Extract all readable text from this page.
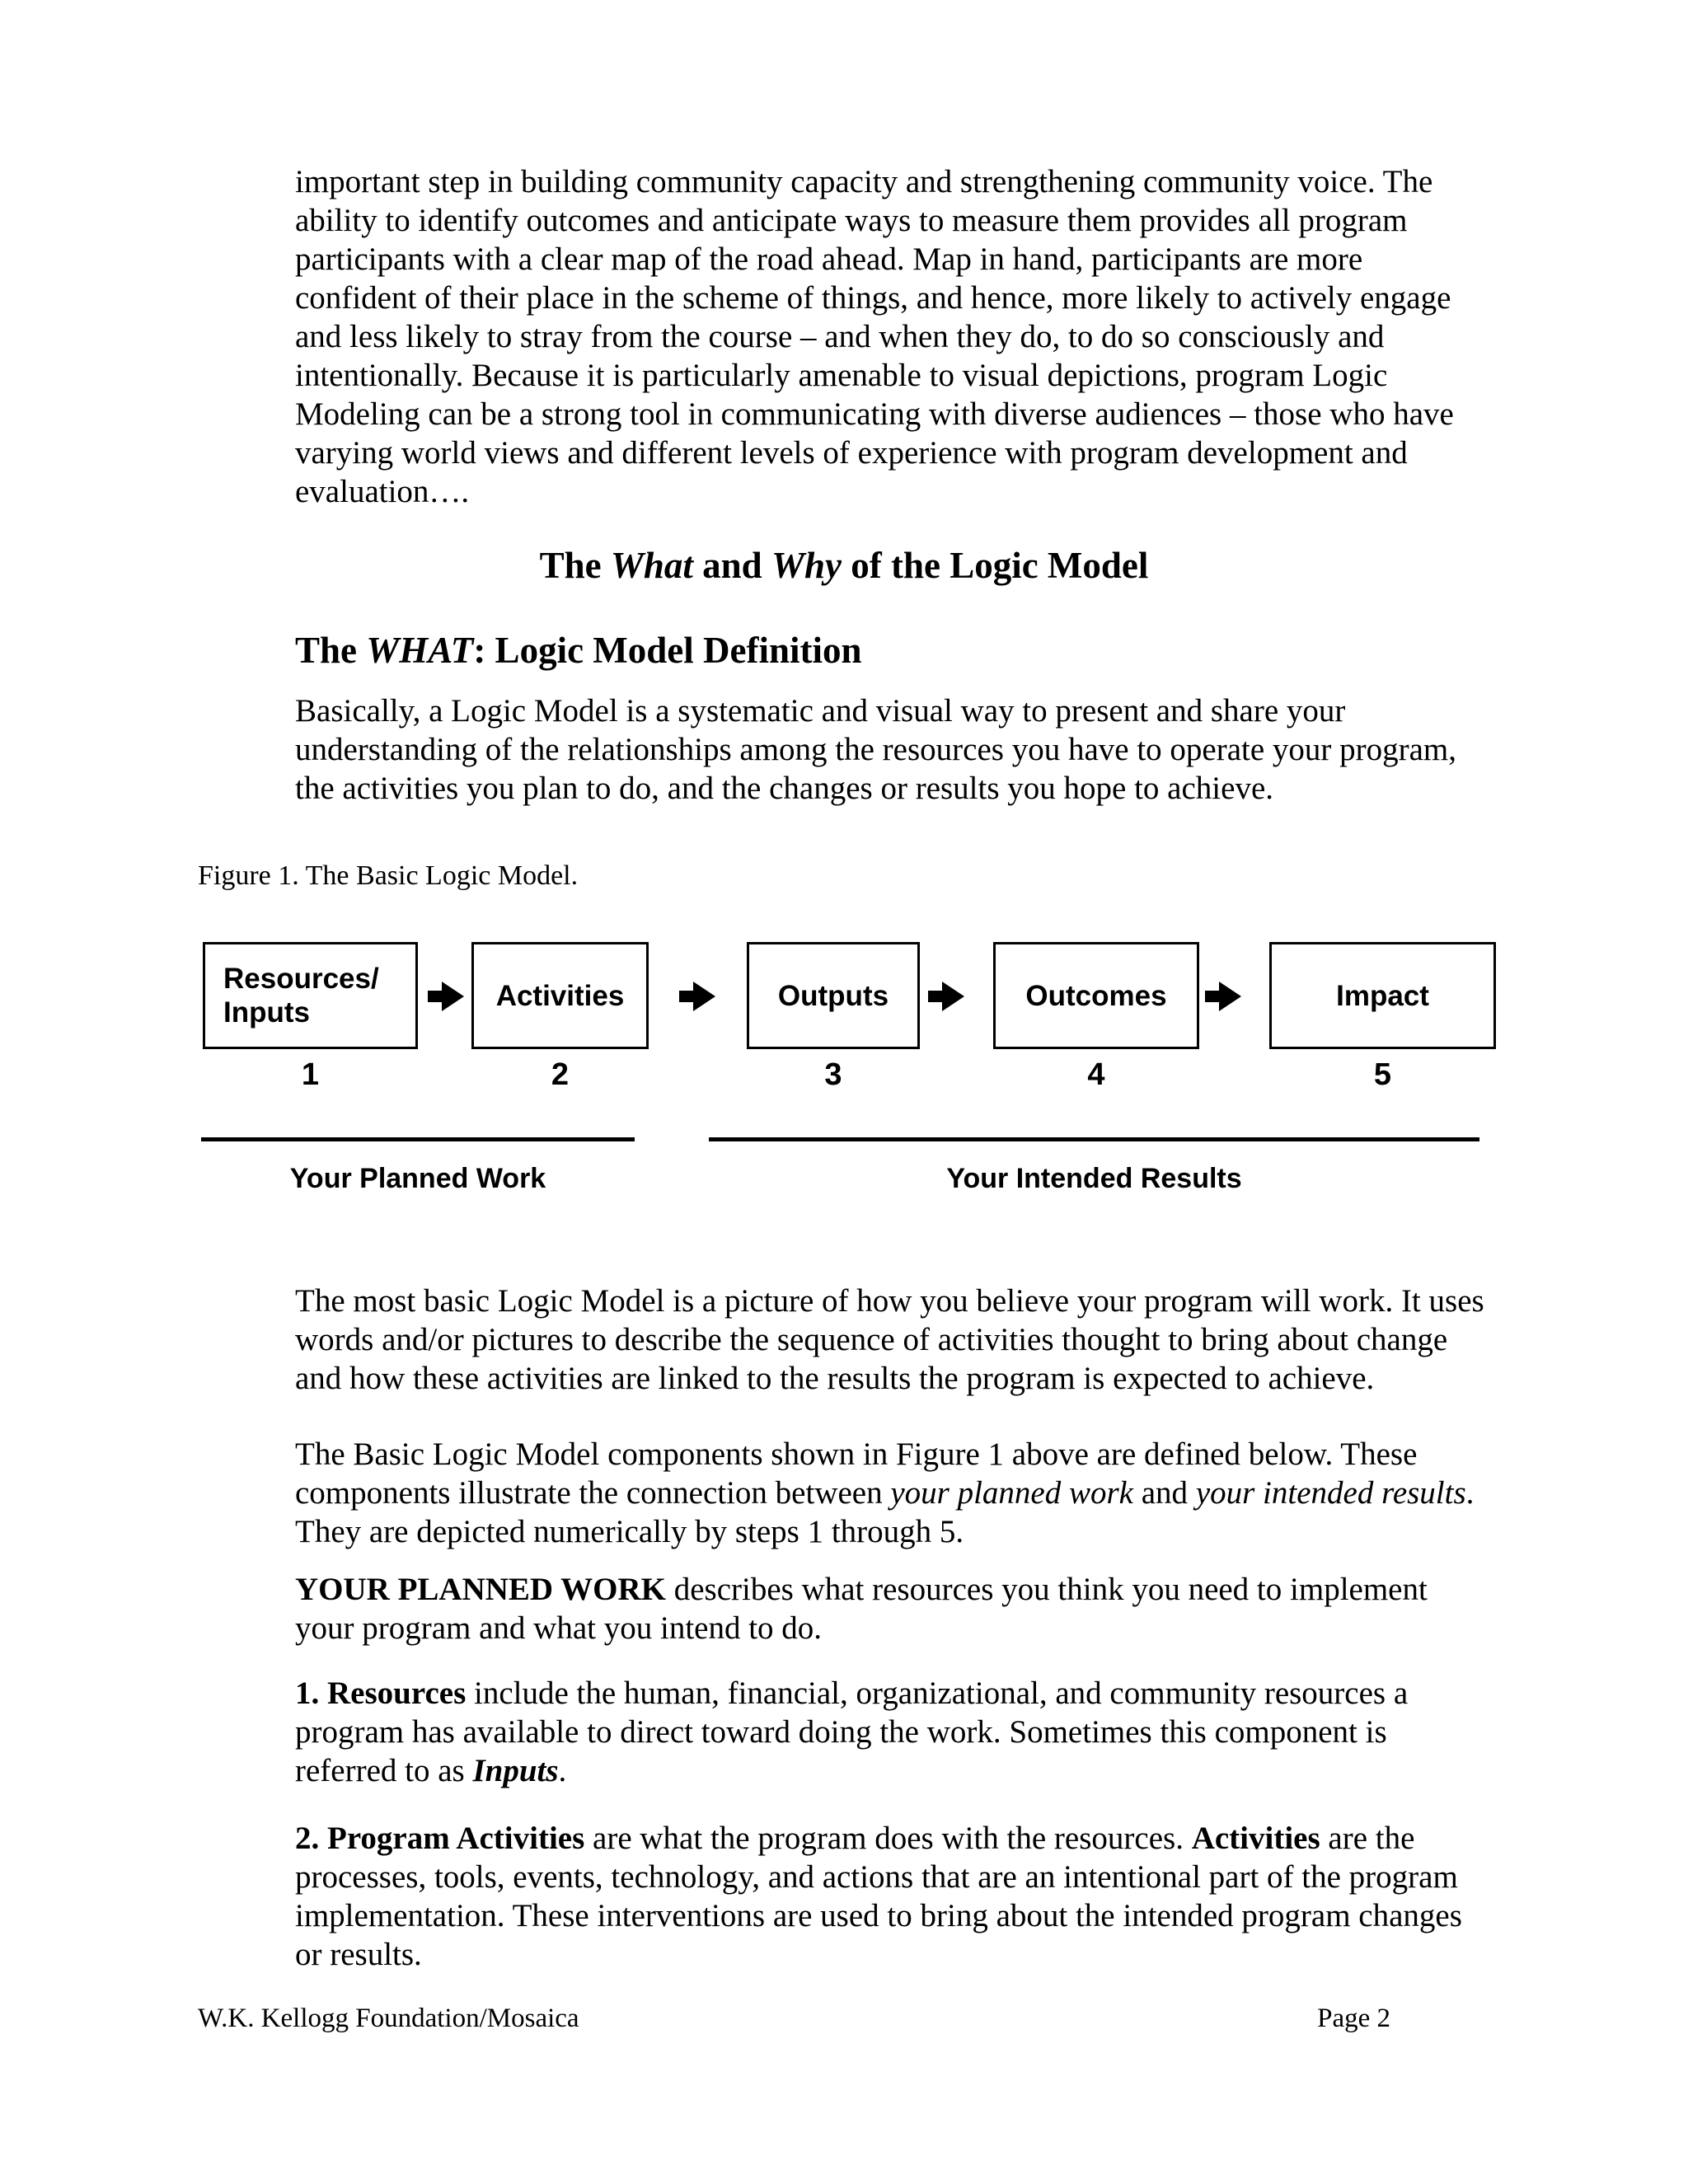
important step in building community capacity and strengthening community voice. The ability to identify outcomes and anticipate ways to measure them provides all program participants with a clear map of the road ahead. Map in hand, participants are more confident of their place in the scheme of things, and hence, more likely to actively engage and less likely to stray from the course – and when they do, to do so consciously and intentionally. Because it is particularly amenable to visual depictions, program Logic Modeling can be a strong tool in communicating with diverse audiences – those who have varying world views and different levels of experience with program development and evaluation….

The What and Why of the Logic Model
The WHAT: Logic Model Definition

Basically, a Logic Model is a systematic and visual way to present and share your understanding of the relationships among the resources you have to operate your program, the activities you plan to do, and the changes or results you hope to achieve.

Figure 1. The Basic Logic Model.

Resources/ Inputs
Activities	Outputs	Outcomes	Impact
1	2	3	4	5
Your Planned Work	Your Intended Results

The most basic Logic Model is a picture of how you believe your program will work. It uses words and/or pictures to describe the sequence of activities thought to bring about change and how these activities are linked to the results the program is expected to achieve.

The Basic Logic Model components shown in Figure 1 above are defined below. These components illustrate the connection between your planned work and your intended results. They are depicted numerically by steps 1 through 5.

YOUR PLANNED WORK describes what resources you think you need to implement your program and what you intend to do.

1. Resources include the human, financial, organizational, and community resources a program has available to direct toward doing the work. Sometimes this component is referred to as Inputs.

2. Program Activities are what the program does with the resources. Activities are the processes, tools, events, technology, and actions that are an intentional part of the program implementation. These interventions are used to bring about the intended program changes or results.

W.K. Kellogg Foundation/Mosaica	Page 2
